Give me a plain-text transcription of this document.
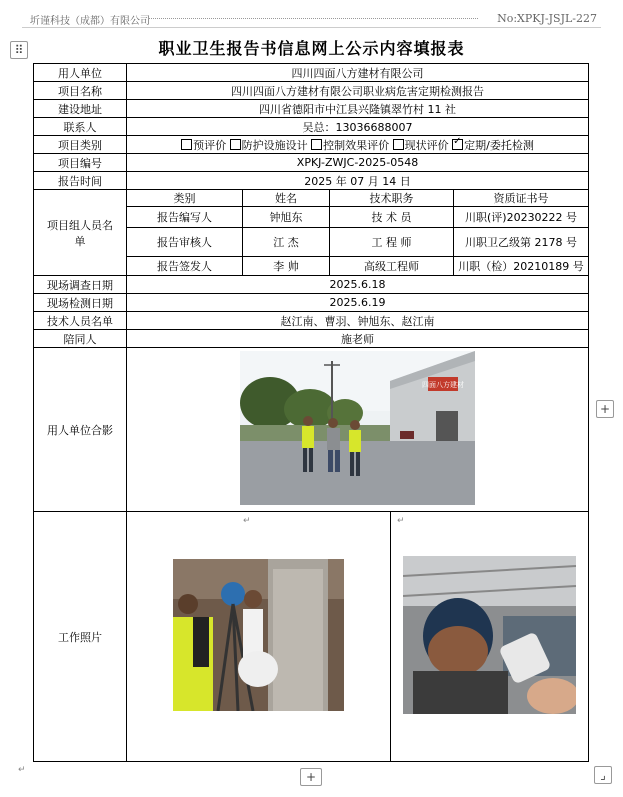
圻谨科技（成都）有限公司	No:XPKJ-JSJL-227
⠿
+
+	⌟
职业卫生报告书信息网上公示内容填报表
用人单位	四川四面八方建材有限公司				
项目名称	四川四面八方建材有限公司职业病危害定期检测报告				
建设地址	四川省德阳市中江县兴隆镇翠竹村 11 社				
联系人	吴总：13036688007				
项目类别	预评价 防护设施设计 控制效果评价 现状评价 ✓ 定期/委托检测
项目编号	XPKJ-ZWJC-2025-0548				
报告时间	2025 年 07 月 14 日				
项目组人员名单	类别	姓名	技术职务		资质证书号
	报告编写人	钟旭东	技 术 员		川职(评)20230222 号
	报告审核人	江 杰	工 程 师		川职卫乙级第 2178 号
	报告签发人	李 帅	高级工程师		川职（检）20210189 号
现场调查日期	2025.6.18				
现场检测日期	2025.6.19				
技术人员名单	赵江南、曹羽、钟旭东、赵江南				
陪同人	施老师				
用人单位合影	四面八方建材				

工作照片	↵			↵	
↵
